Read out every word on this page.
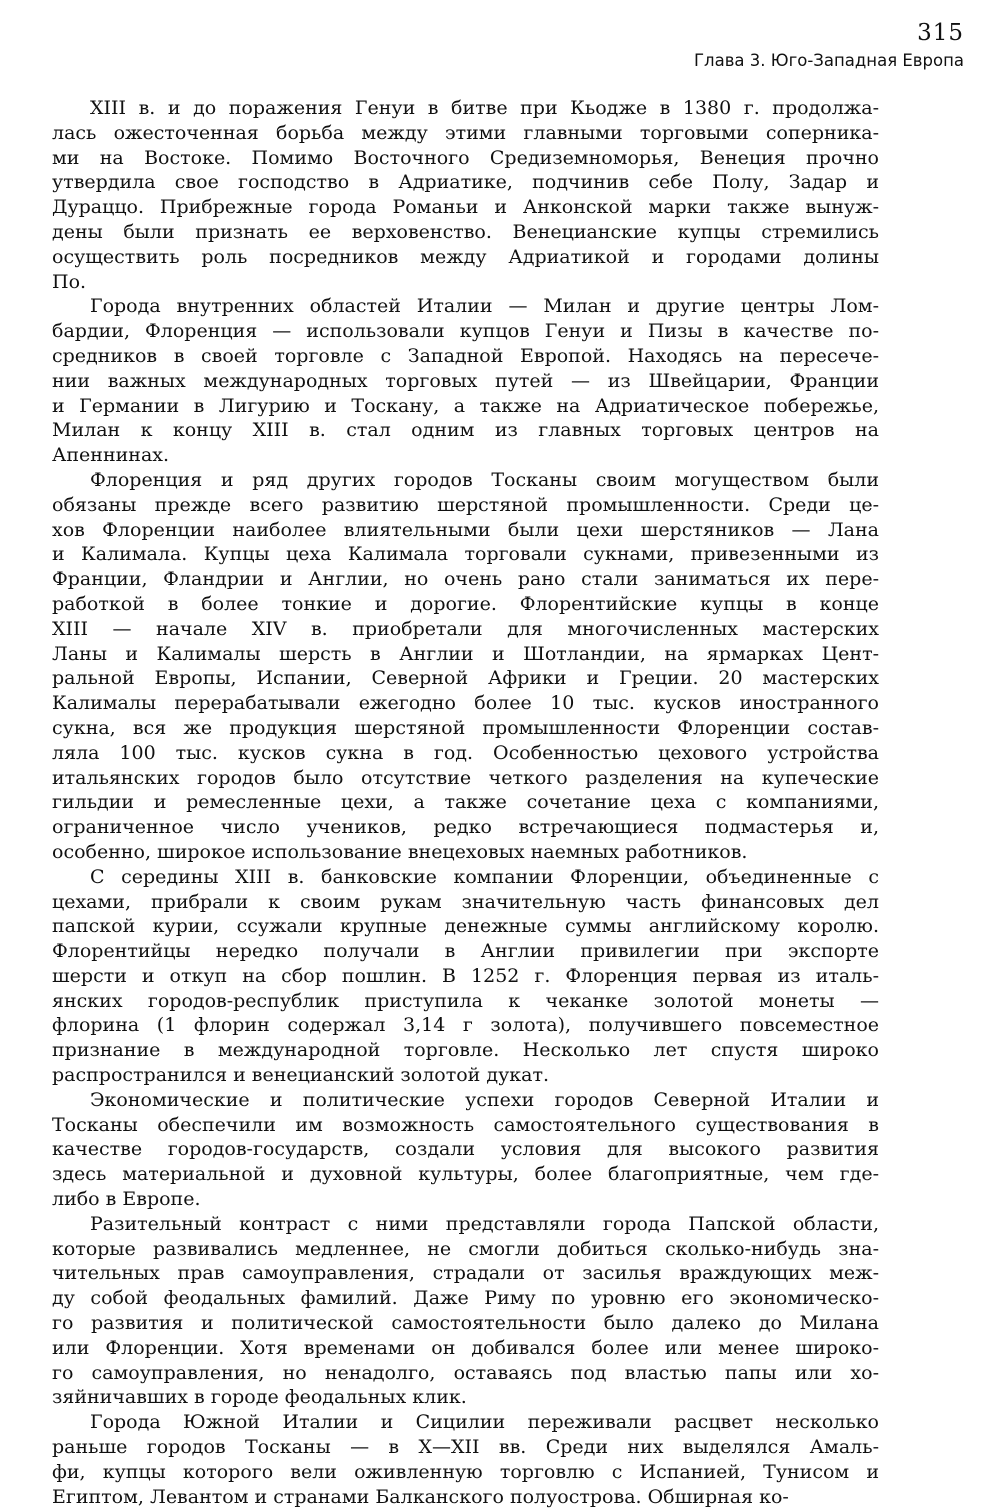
315
Глава 3. Юго-Западная Европа
XIII в. и до поражения Генуи в битве при Кьодже в 1380 г. продолжа-
лась ожесточенная борьба между этими главными торговыми соперника-
ми на Востоке. Помимо Восточного Средиземноморья, Венеция прочно
утвердила свое господство в Адриатике, подчинив себе Полу, Задар и
Дураццо. Прибрежные города Романьи и Анконской марки также вынуж-
дены были признать ее верховенство. Венецианские купцы стремились
осуществить роль посредников между Адриатикой и городами долины
По.
Города внутренних областей Италии — Милан и другие центры Лом-
бардии, Флоренция — использовали купцов Генуи и Пизы в качестве по-
средников в своей торговле с Западной Европой. Находясь на пересече-
нии важных международных торговых путей — из Швейцарии, Франции
и Германии в Лигурию и Тоскану, а также на Адриатическое побережье,
Милан к концу XIII в. стал одним из главных торговых центров на
Апеннинах.
Флоренция и ряд других городов Тосканы своим могуществом были
обязаны прежде всего развитию шерстяной промышленности. Среди це-
хов Флоренции наиболее влиятельными были цехи шерстяников — Лана
и Калимала. Купцы цеха Калимала торговали сукнами, привезенными из
Франции, Фландрии и Англии, но очень рано стали заниматься их пере-
работкой в более тонкие и дорогие. Флорентийские купцы в конце
XIII — начале XIV в. приобретали для многочисленных мастерских
Ланы и Калималы шерсть в Англии и Шотландии, на ярмарках Цент-
ральной Европы, Испании, Северной Африки и Греции. 20 мастерских
Калималы перерабатывали ежегодно более 10 тыс. кусков иностранного
сукна, вся же продукция шерстяной промышленности Флоренции состав-
ляла 100 тыс. кусков сукна в год. Особенностью цехового устройства
итальянских городов было отсутствие четкого разделения на купеческие
гильдии и ремесленные цехи, а также сочетание цеха с компаниями,
ограниченное число учеников, редко встречающиеся подмастерья и,
особенно, широкое использование внецеховых наемных работников.
С середины XIII в. банковские компании Флоренции, объединенные с
цехами, прибрали к своим рукам значительную часть финансовых дел
папской курии, ссужали крупные денежные суммы английскому королю.
Флорентийцы нередко получали в Англии привилегии при экспорте
шерсти и откуп на сбор пошлин. В 1252 г. Флоренция первая из италь-
янских городов-республик приступила к чеканке золотой монеты —
флорина (1 флорин содержал 3,14 г золота), получившего повсеместное
признание в международной торговле. Несколько лет спустя широко
распространился и венецианский золотой дукат.
Экономические и политические успехи городов Северной Италии и
Тосканы обеспечили им возможность самостоятельного существования в
качестве городов-государств, создали условия для высокого развития
здесь материальной и духовной культуры, более благоприятные, чем где-
либо в Европе.
Разительный контраст с ними представляли города Папской области,
которые развивались медленнее, не смогли добиться сколько-нибудь зна-
чительных прав самоуправления, страдали от засилья враждующих меж-
ду собой феодальных фамилий. Даже Риму по уровню его экономическо-
го развития и политической самостоятельности было далеко до Милана
или Флоренции. Хотя временами он добивался более или менее широко-
го самоуправления, но ненадолго, оставаясь под властью папы или хо-
зяйничавших в городе феодальных клик.
Города Южной Италии и Сицилии переживали расцвет несколько
раньше городов Тосканы — в X—XII вв. Среди них выделялся Амаль-
фи, купцы которого вели оживленную торговлю с Испанией, Тунисом и
Египтом, Левантом и странами Балканского полуострова. Обширная ко-
